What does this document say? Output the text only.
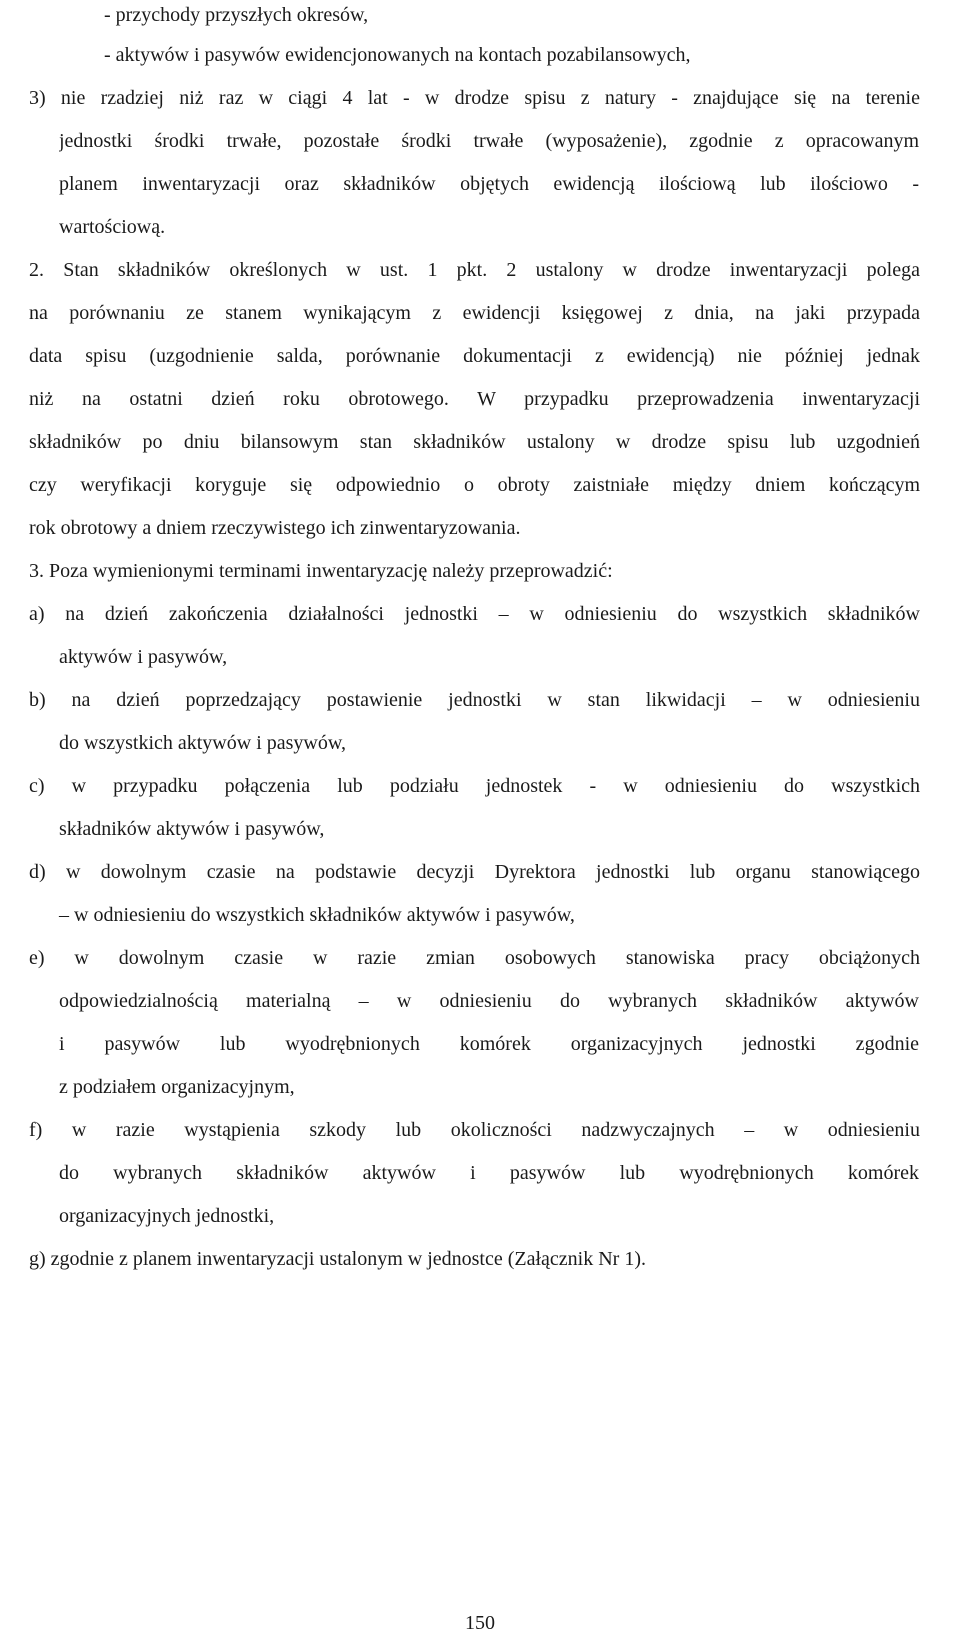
- przychody przyszłych okresów,
- aktywów i pasywów ewidencjonowanych na kontach pozabilansowych,
3) nie rzadziej niż raz w ciągi 4 lat - w drodze spisu z natury - znajdujące się na terenie
jednostki środki trwałe, pozostałe środki trwałe (wyposażenie), zgodnie z opracowanym
planem inwentaryzacji oraz składników objętych ewidencją ilościową lub ilościowo -
wartościową.
2. Stan składników określonych w ust. 1 pkt. 2 ustalony w drodze inwentaryzacji polega
na porównaniu ze stanem wynikającym z ewidencji księgowej z dnia, na jaki przypada
data spisu (uzgodnienie salda, porównanie dokumentacji z ewidencją) nie później jednak
niż na ostatni dzień roku obrotowego. W przypadku przeprowadzenia inwentaryzacji
składników po dniu bilansowym stan składników ustalony w drodze spisu lub uzgodnień
czy weryfikacji koryguje się odpowiednio o obroty zaistniałe między dniem kończącym
rok obrotowy a dniem rzeczywistego ich zinwentaryzowania.
3. Poza wymienionymi terminami inwentaryzację należy przeprowadzić:
a) na dzień zakończenia działalności jednostki – w odniesieniu do wszystkich składników
aktywów i pasywów,
b) na dzień poprzedzający postawienie jednostki w stan likwidacji – w odniesieniu
do wszystkich aktywów i pasywów,
c) w przypadku połączenia lub podziału jednostek - w odniesieniu do wszystkich
składników aktywów i pasywów,
d) w dowolnym czasie na podstawie decyzji Dyrektora jednostki lub organu stanowiącego
– w odniesieniu do wszystkich składników aktywów i pasywów,
e) w dowolnym czasie w razie zmian osobowych stanowiska pracy obciążonych
odpowiedzialnością materialną – w odniesieniu do wybranych składników aktywów
i pasywów lub wyodrębnionych komórek organizacyjnych jednostki zgodnie
z podziałem organizacyjnym,
f) w razie wystąpienia szkody lub okoliczności nadzwyczajnych – w odniesieniu
do wybranych składników aktywów i pasywów lub wyodrębnionych komórek
organizacyjnych jednostki,
g) zgodnie z planem inwentaryzacji ustalonym w jednostce (Załącznik Nr 1).
150
